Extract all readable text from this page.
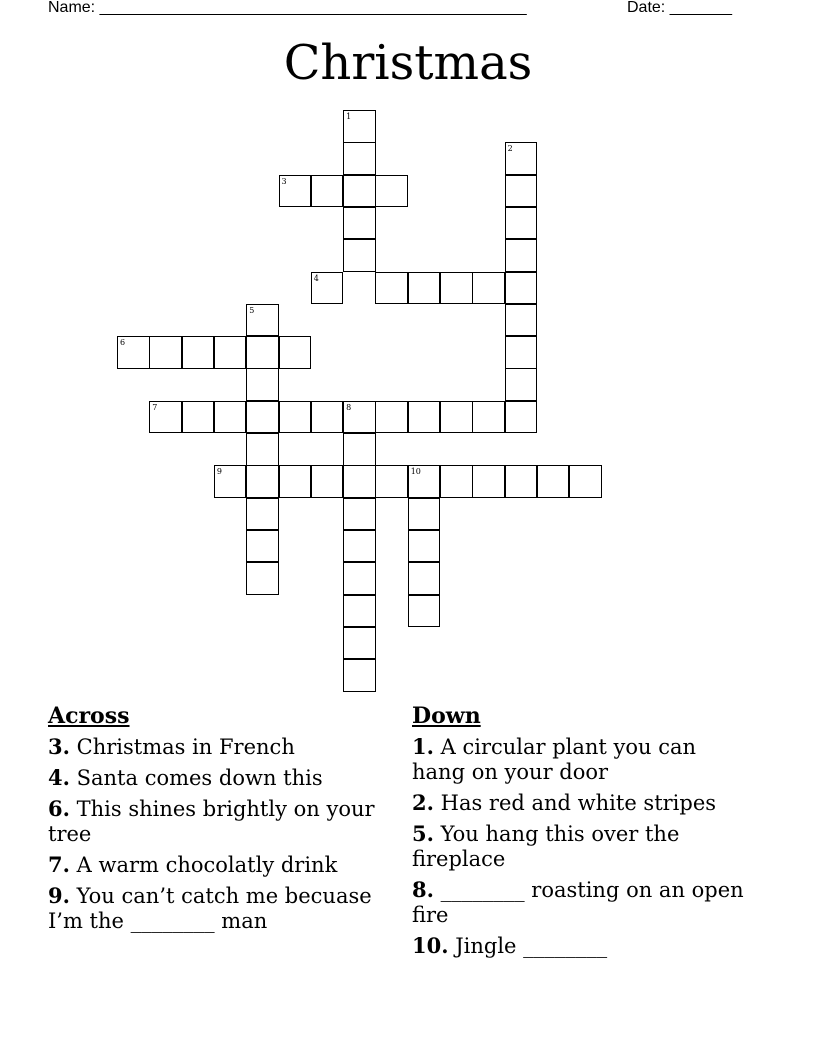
Name: ________________________________________________	Date: _______
Christmas
1
2
3
4
5
6
7	8
9	10
Across
3. Christmas in French
4. Santa comes down this
6. This shines brightly on your tree
7. A warm chocolatly drink
9. You can’t catch me becuase I’m the ________ man
Down
1. A circular plant you can hang on your door
2. Has red and white stripes
5. You hang this over the fireplace
8. ________ roasting on an open fire
10. Jingle ________
